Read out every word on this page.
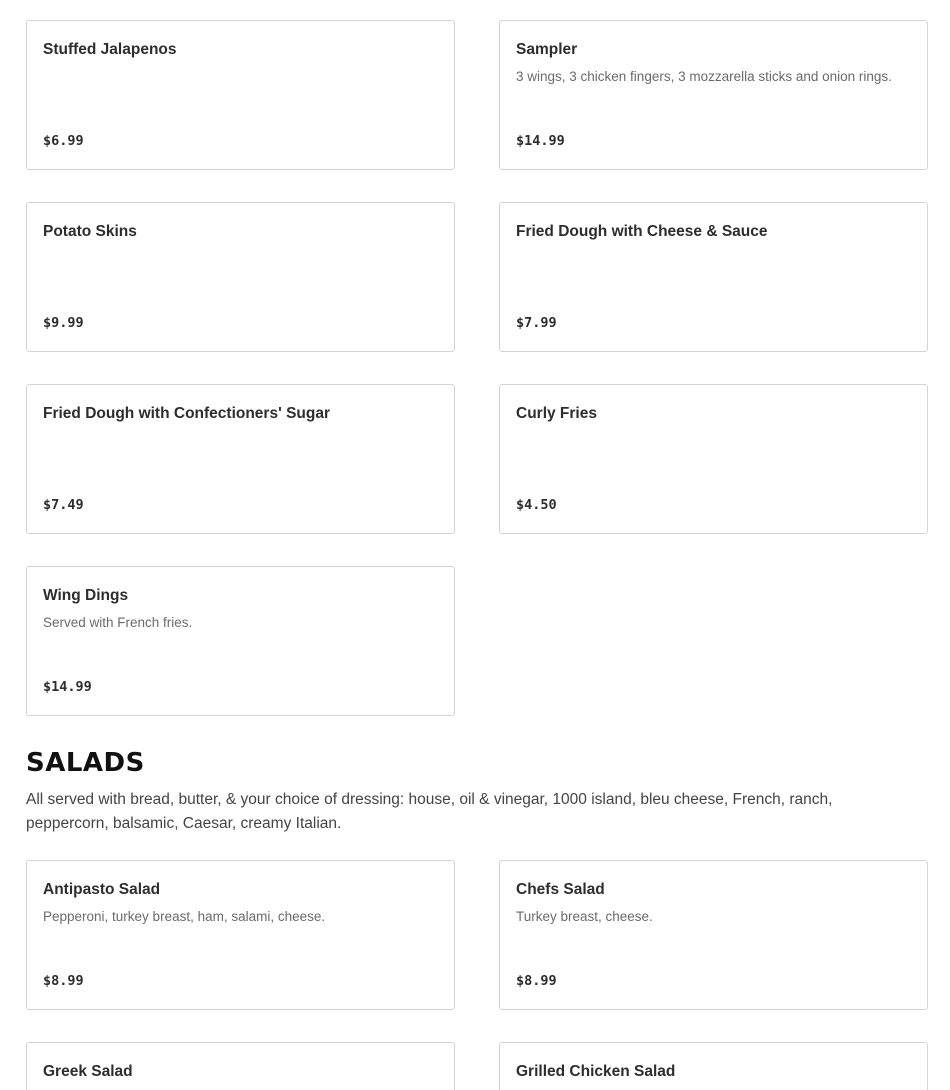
Stuffed Jalapenos
$6.99
Sampler
3 wings, 3 chicken fingers, 3 mozzarella sticks and onion rings.
$14.99
Potato Skins
$9.99
Fried Dough with Cheese & Sauce
$7.99
Fried Dough with Confectioners' Sugar
$7.49
Curly Fries
$4.50
Wing Dings
Served with French fries.
$14.99
SALADS

All served with bread, butter, & your choice of dressing: house, oil & vinegar, 1000 island, bleu cheese, French, ranch, peppercorn, balsamic, Caesar, creamy Italian.

Antipasto Salad
Pepperoni, turkey breast, ham, salami, cheese.
$8.99
Chefs Salad
Turkey breast, cheese.
$8.99
Greek Salad	Grilled Chicken Salad
